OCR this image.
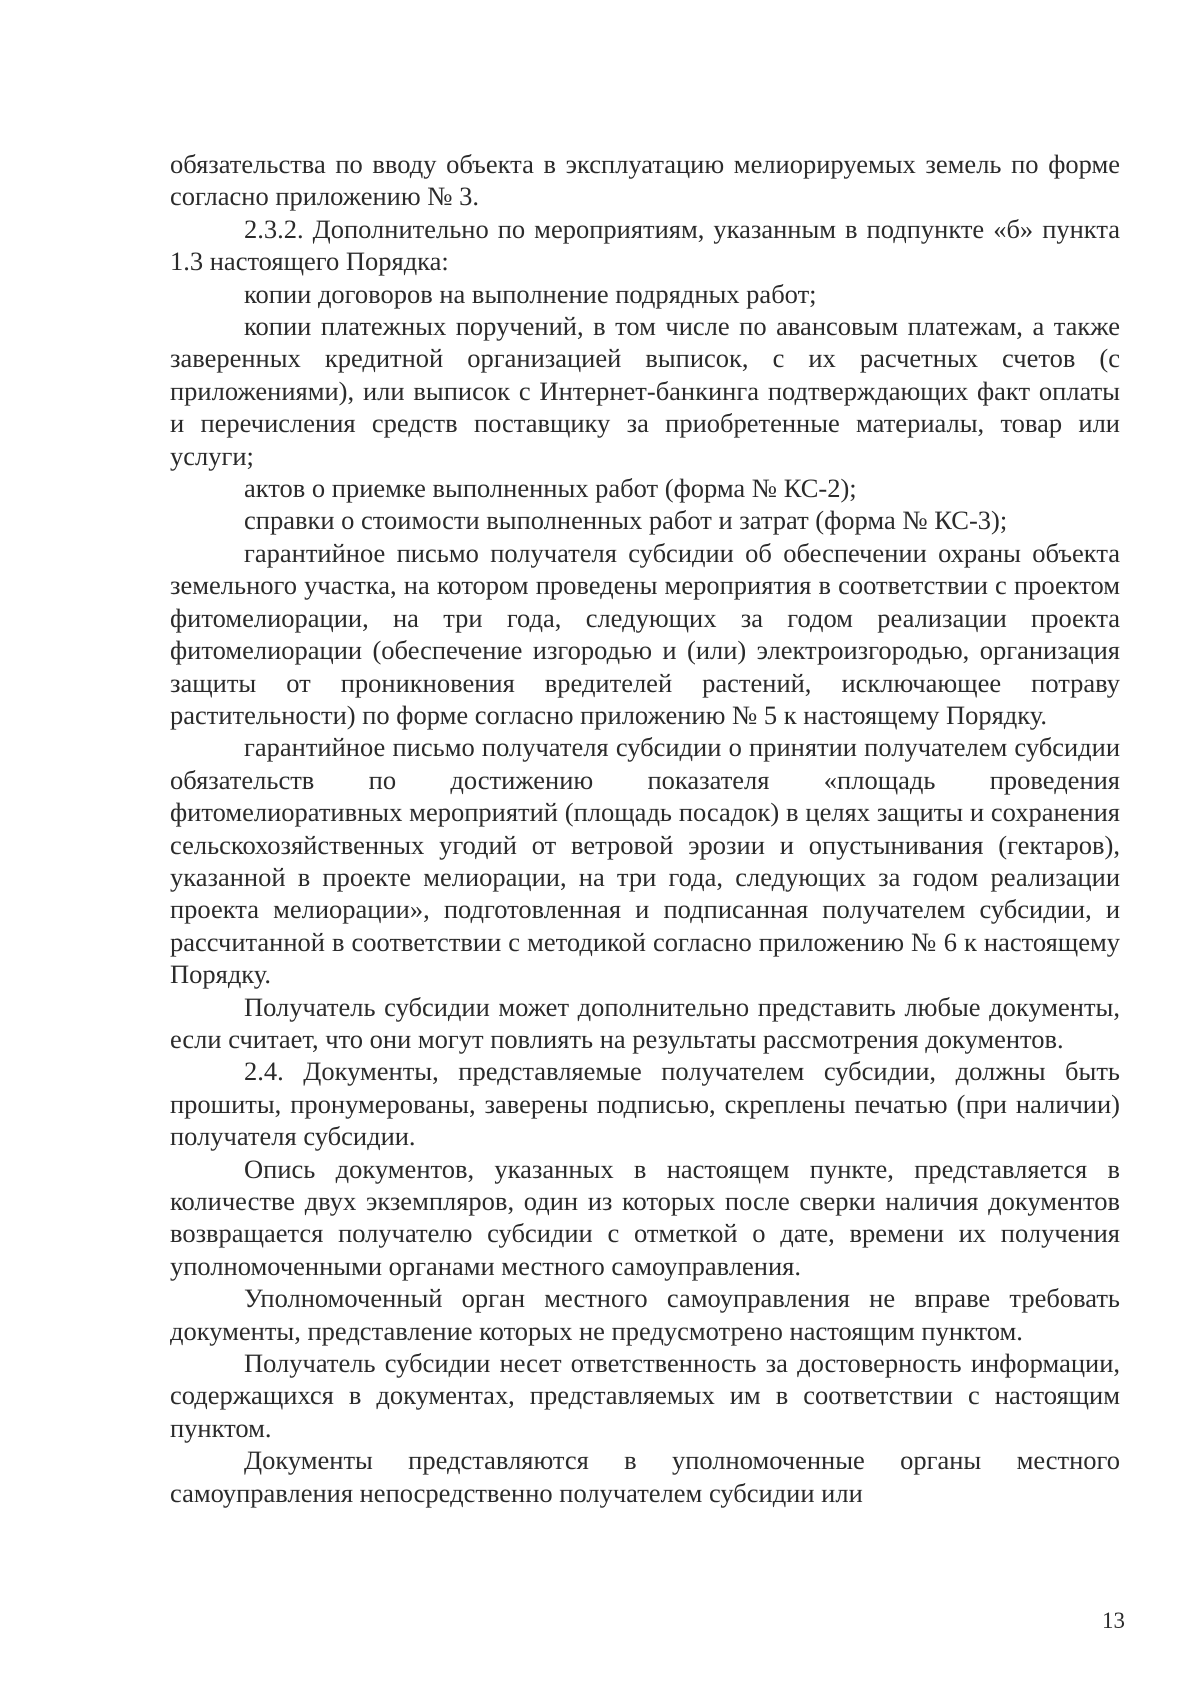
обязательства по вводу объекта в эксплуатацию мелиорируемых земель по форме согласно приложению № 3.

2.3.2. Дополнительно по мероприятиям, указанным в подпункте «б» пункта 1.3 настоящего Порядка:

копии договоров на выполнение подрядных работ;

копии платежных поручений, в том числе по авансовым платежам, а также заверенных кредитной организацией выписок, с их расчетных счетов (с приложениями), или выписок с Интернет-банкинга подтверждающих факт оплаты и перечисления средств поставщику за приобретенные материалы, товар или услуги;

актов о приемке выполненных работ (форма № КС-2);

справки о стоимости выполненных работ и затрат (форма № КС-3);

гарантийное письмо получателя субсидии об обеспечении охраны объекта земельного участка, на котором проведены мероприятия в соответствии с проектом фитомелиорации, на три года, следующих за годом реализации проекта фитомелиорации (обеспечение изгородью и (или) электроизгородью, организация защиты от проникновения вредителей растений, исключающее потраву растительности) по форме согласно приложению № 5 к настоящему Порядку.

гарантийное письмо получателя субсидии о принятии получателем субсидии обязательств по достижению показателя «площадь проведения фитомелиоративных мероприятий (площадь посадок) в целях защиты и сохранения сельскохозяйственных угодий от ветровой эрозии и опустынивания (гектаров), указанной в проекте мелиорации, на три года, следующих за годом реализации проекта мелиорации», подготовленная и подписанная получателем субсидии, и рассчитанной в соответствии с методикой согласно приложению № 6 к настоящему Порядку.

Получатель субсидии может дополнительно представить любые документы, если считает, что они могут повлиять на результаты рассмотрения документов.

2.4. Документы, представляемые получателем субсидии, должны быть прошиты, пронумерованы, заверены подписью, скреплены печатью (при наличии) получателя субсидии.

Опись документов, указанных в настоящем пункте, представляется в количестве двух экземпляров, один из которых после сверки наличия документов возвращается получателю субсидии с отметкой о дате, времени их получения уполномоченными органами местного самоуправления.

Уполномоченный орган местного самоуправления не вправе требовать документы, представление которых не предусмотрено настоящим пунктом.

Получатель субсидии несет ответственность за достоверность информации, содержащихся в документах, представляемых им в соответствии с настоящим пунктом.

Документы представляются в уполномоченные органы местного самоуправления непосредственно получателем субсидии или

13
